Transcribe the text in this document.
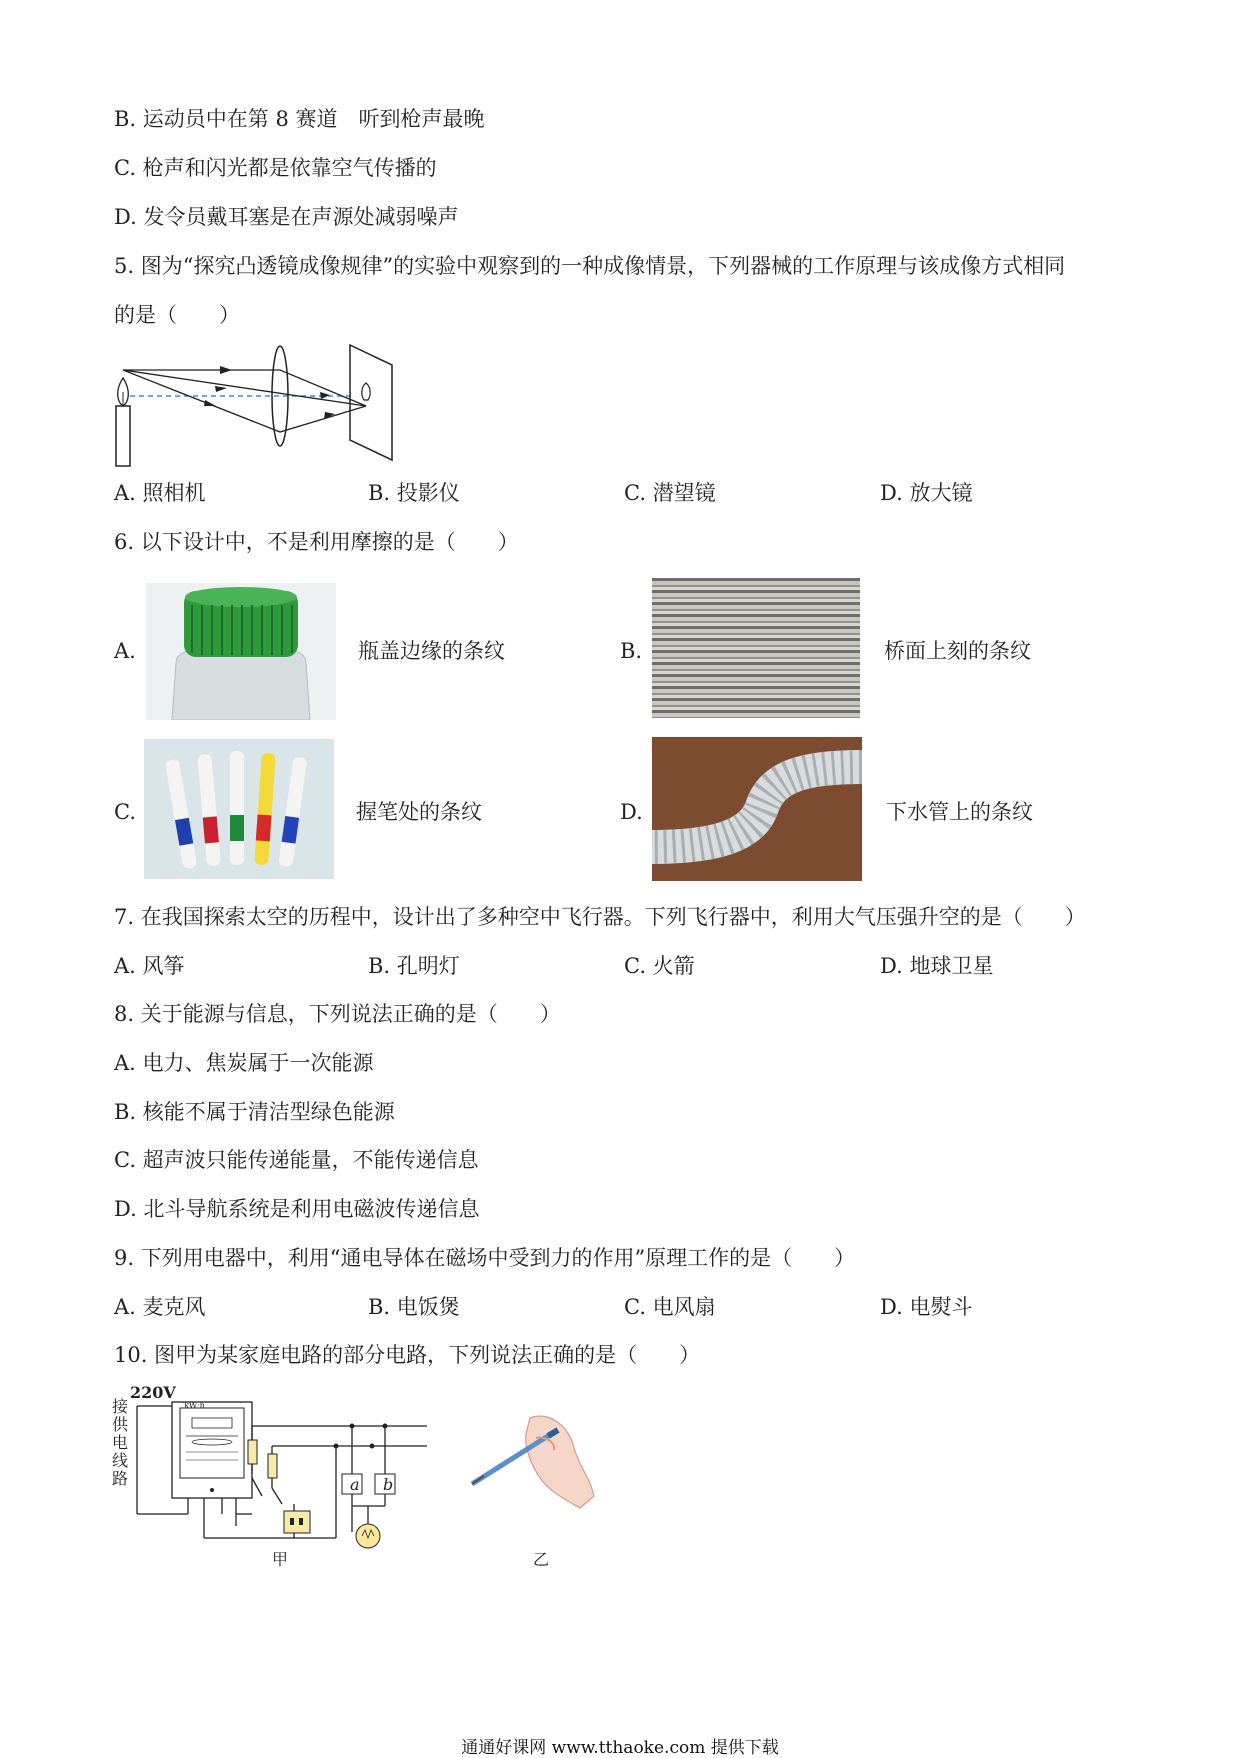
B. 运动员中在第 8 赛道　听到枪声最晚
C. 枪声和闪光都是依靠空气传播的
D. 发令员戴耳塞是在声源处减弱噪声
5. 图为“探究凸透镜成像规律”的实验中观察到的一种成像情景，下列器械的工作原理与该成像方式相同
的是（　　）
A. 照相机	B. 投影仪	C. 潜望镜	D. 放大镜
6. 以下设计中，不是利用摩擦的是（　　）
A.	瓶盖边缘的条纹	B.	桥面上刻的条纹
C.	握笔处的条纹	D.	下水管上的条纹
7. 在我国探索太空的历程中，设计出了多种空中飞行器。下列飞行器中，利用大气压强升空的是（　　）
A. 风筝	B. 孔明灯	C. 火箭	D. 地球卫星
8. 关于能源与信息，下列说法正确的是（　　）
A. 电力、焦炭属于一次能源
B. 核能不属于清洁型绿色能源
C. 超声波只能传递能量，不能传递信息
D. 北斗导航系统是利用电磁波传递信息
9. 下列用电器中，利用“通电导体在磁场中受到力的作用”原理工作的是（　　）
A. 麦克风	B. 电饭煲	C. 电风扇	D. 电熨斗
10. 图甲为某家庭电路的部分电路，下列说法正确的是（　　）
220V
接供电线路	a b
kW·h
甲	乙
通通好课网 www.tthaoke.com 提供下载
